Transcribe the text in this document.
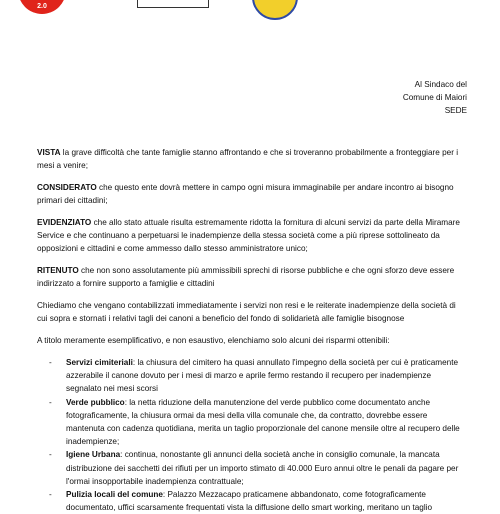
2.0
Al Sindaco del
Comune di Maiori
SEDE

VISTA la grave difficoltà che tante famiglie stanno affrontando e che si troveranno probabilmente a fronteggiare per i mesi a venire;

CONSIDERATO che questo ente dovrà mettere in campo ogni misura immaginabile per andare incontro ai bisogno primari dei cittadini;

EVIDENZIATO che allo stato attuale risulta estremamente ridotta la fornitura di alcuni servizi da parte della Miramare Service e che continuano a perpetuarsi le inadempienze della stessa società come a più riprese sottolineato da opposizioni e cittadini e come ammesso dallo stesso amministratore unico;

RITENUTO che non sono assolutamente più ammissibili sprechi di risorse pubbliche e che ogni sforzo deve essere indirizzato a fornire supporto a famiglie e cittadini

Chiediamo che vengano contabilizzati immediatamente i servizi non resi e le reiterate inadempienze della società di cui sopra e stornati i relativi tagli dei canoni a beneficio del fondo di solidarietà alle famiglie bisognose

A titolo meramente esemplificativo, e non esaustivo, elenchiamo solo alcuni dei risparmi ottenibili:

- Servizi cimiteriali: la chiusura del cimitero ha quasi annullato l'impegno della società per cui è praticamente azzerabile il canone dovuto per i mesi di marzo e aprile fermo restando il recupero per inadempienze segnalato nei mesi scorsi
- Verde pubblico: la netta riduzione della manutenzione del verde pubblico come documentato anche fotograficamente, la chiusura ormai da mesi della villa comunale che, da contratto, dovrebbe essere mantenuta con cadenza quotidiana, merita un taglio proporzionale del canone mensile oltre al recupero delle inadempienze;
- Igiene Urbana: continua, nonostante gli annunci della società anche in consiglio comunale, la mancata distribuzione dei sacchetti dei rifiuti per un importo stimato di 40.000 Euro annui oltre le penali da pagare per l'ormai insopportabile inadempienza contrattuale;
- Pulizia locali del comune: Palazzo Mezzacapo praticamene abbandonato, come fotograficamente documentato, uffici scarsamente frequentati vista la diffusione dello smart working, meritano un taglio
